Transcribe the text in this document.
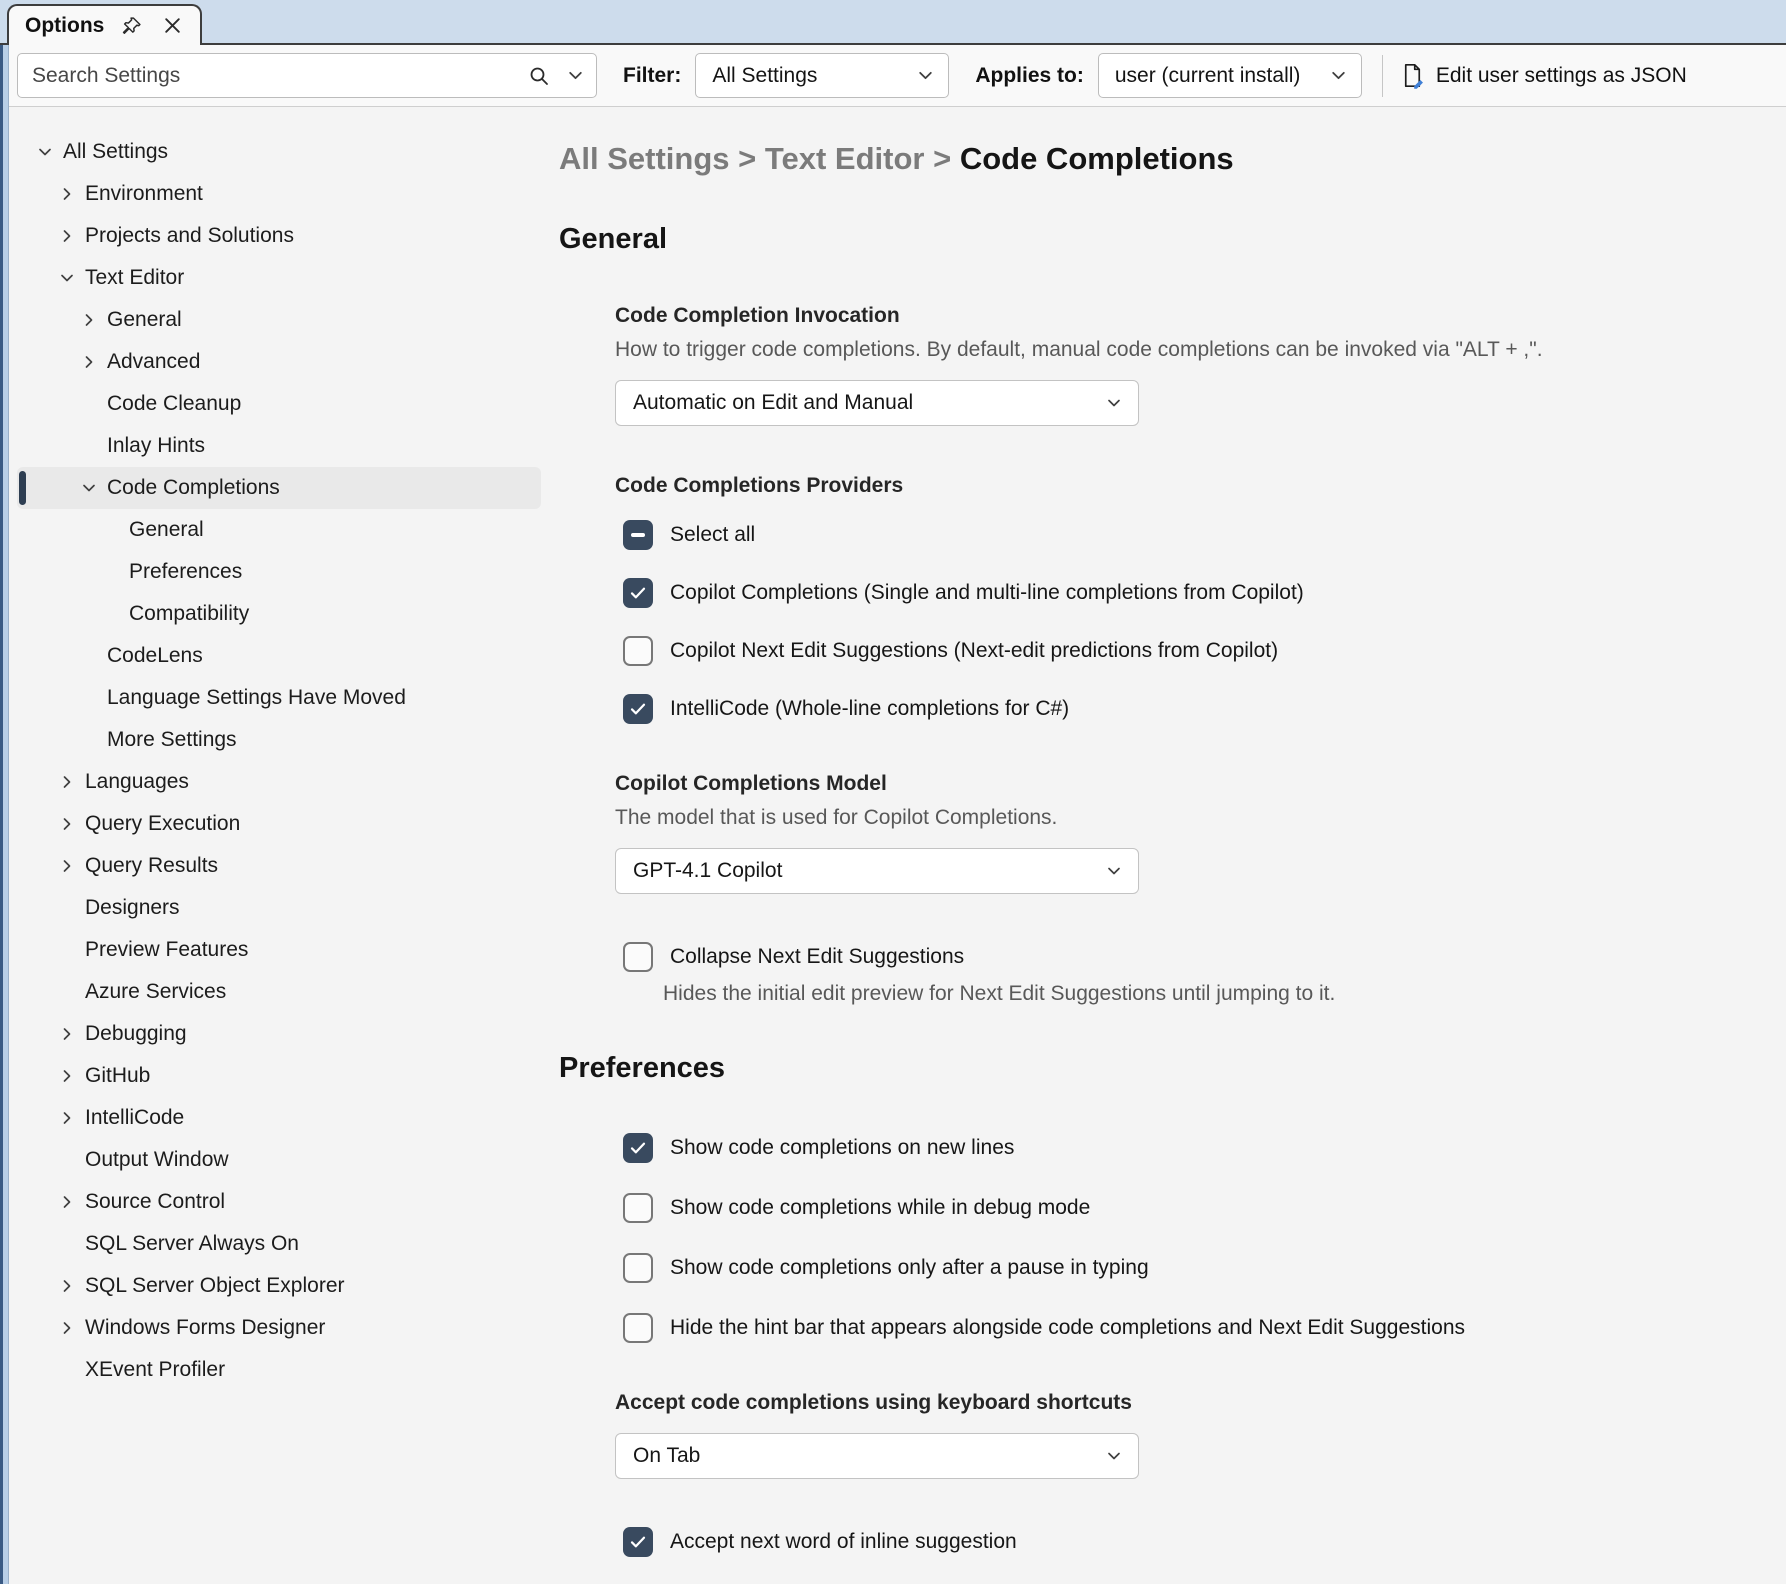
Options
Search Settings
Filter: All Settings	Applies to: user (current install)	Edit user settings as JSON
All Settings
Environment
Projects and Solutions
Text Editor
General
Advanced
Code Cleanup
Inlay Hints
Code Completions
General
Preferences
Compatibility
CodeLens
Language Settings Have Moved
More Settings
Languages
Query Execution
Query Results
Designers
Preview Features
Azure Services
Debugging
GitHub
IntelliCode
Output Window
Source Control
SQL Server Always On
SQL Server Object Explorer
Windows Forms Designer
XEvent Profiler
All Settings > Text Editor > Code Completions
General
Code Completion Invocation
How to trigger code completions. By default, manual code completions can be invoked via "ALT + ,".
Automatic on Edit and Manual
Code Completions Providers
Select all
Copilot Completions (Single and multi-line completions from Copilot)
Copilot Next Edit Suggestions (Next-edit predictions from Copilot)
IntelliCode (Whole-line completions for C#)
Copilot Completions Model
The model that is used for Copilot Completions.
GPT-4.1 Copilot
Collapse Next Edit Suggestions
Hides the initial edit preview for Next Edit Suggestions until jumping to it.
Preferences
Show code completions on new lines
Show code completions while in debug mode
Show code completions only after a pause in typing
Hide the hint bar that appears alongside code completions and Next Edit Suggestions
Accept code completions using keyboard shortcuts
On Tab
Accept next word of inline suggestion
